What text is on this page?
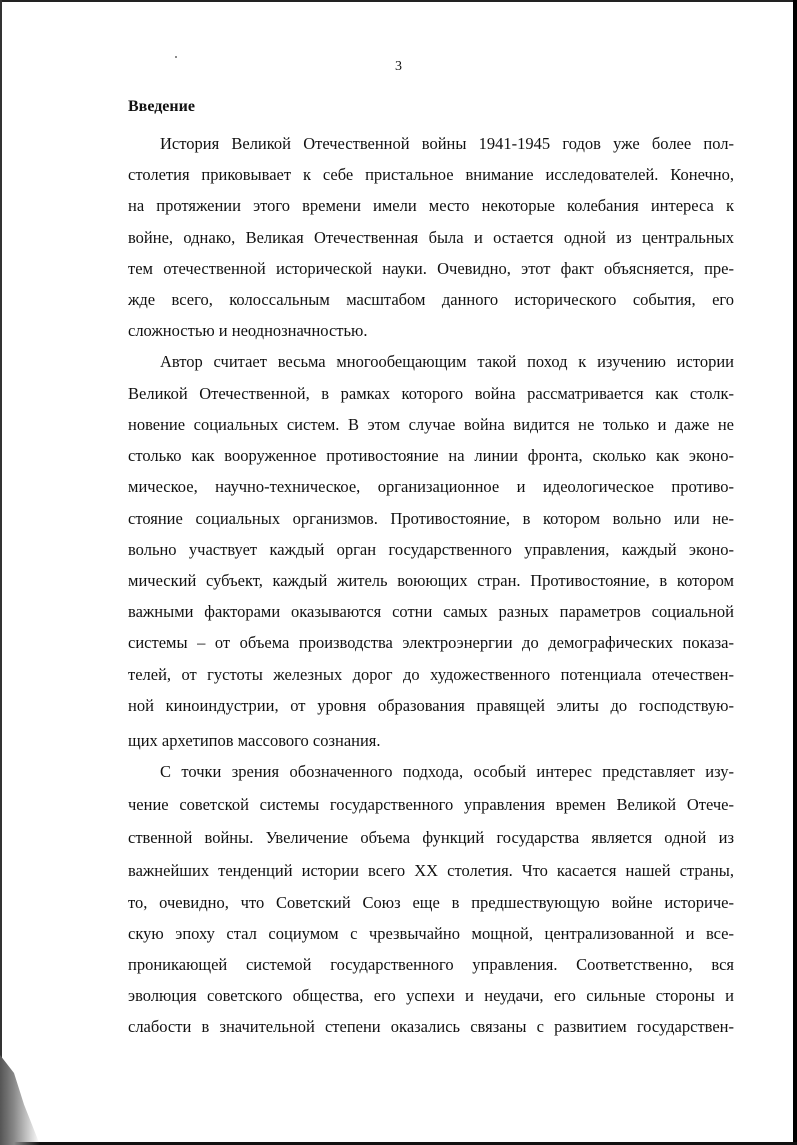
3
Введение
История Великой Отечественной войны 1941-1945 годов уже более пол-
столетия приковывает к себе пристальное внимание исследователей. Конечно,
на протяжении этого времени имели место некоторые колебания интереса к
войне, однако, Великая Отечественная была и остается одной из центральных
тем отечественной исторической науки. Очевидно, этот факт объясняется, пре-
жде всего, колоссальным масштабом данного исторического события, его
сложностью и неоднозначностью.
Автор считает весьма многообещающим такой поход к изучению истории
Великой Отечественной, в рамках которого война рассматривается как столк-
новение социальных систем. В этом случае война видится не только и даже не
столько как вооруженное противостояние на линии фронта, сколько как эконо-
мическое, научно-техническое, организационное и идеологическое противо-
стояние социальных организмов. Противостояние, в котором вольно или не-
вольно участвует каждый орган государственного управления, каждый эконо-
мический субъект, каждый житель воюющих стран. Противостояние, в котором
важными факторами оказываются сотни самых разных параметров социальной
системы – от объема производства электроэнергии до демографических показа-
телей, от густоты железных дорог до художественного потенциала отечествен-
ной киноиндустрии, от уровня образования правящей элиты до господствую-
щих архетипов массового сознания.
С точки зрения обозначенного подхода, особый интерес представляет изу-
чение советской системы государственного управления времен Великой Отече-
ственной войны. Увеличение объема функций государства является одной из
важнейших тенденций истории всего XX столетия. Что касается нашей страны,
то, очевидно, что Советский Союз еще в предшествующую войне историче-
скую эпоху стал социумом с чрезвычайно мощной, централизованной и все-
проникающей системой государственного управления. Соответственно, вся
эволюция советского общества, его успехи и неудачи, его сильные стороны и
слабости в значительной степени оказались связаны с развитием государствен-
